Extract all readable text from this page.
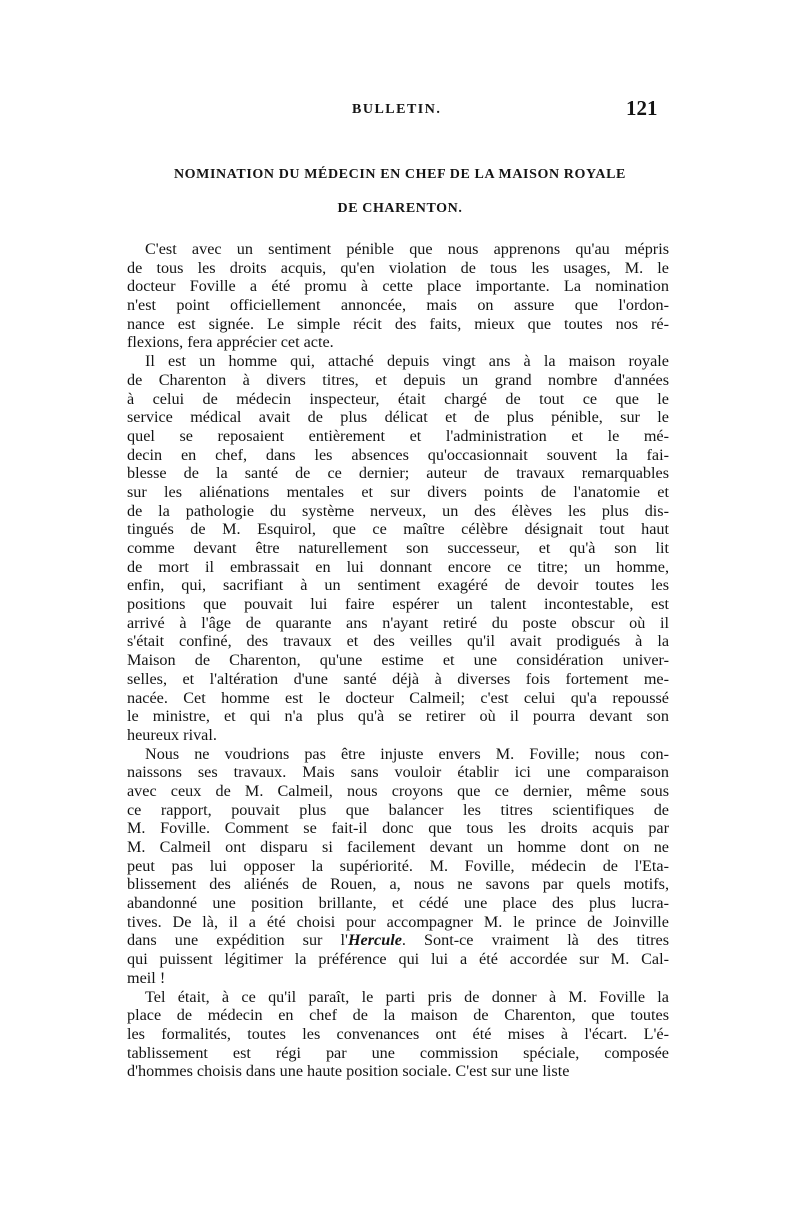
BULLETIN.	121
NOMINATION DU MÉDECIN EN CHEF DE LA MAISON ROYALE
DE CHARENTON.
C'est avec un sentiment pénible que nous apprenons qu'au mépris
de tous les droits acquis, qu'en violation de tous les usages, M. le
docteur Foville a été promu à cette place importante. La nomination
n'est point officiellement annoncée, mais on assure que l'ordon-
nance est signée. Le simple récit des faits, mieux que toutes nos ré-
flexions, fera apprécier cet acte.
Il est un homme qui, attaché depuis vingt ans à la maison royale
de Charenton à divers titres, et depuis un grand nombre d'années
à celui de médecin inspecteur, était chargé de tout ce que le
service médical avait de plus délicat et de plus pénible, sur le
quel se reposaient entièrement et l'administration et le mé-
decin en chef, dans les absences qu'occasionnait souvent la fai-
blesse de la santé de ce dernier; auteur de travaux remarquables
sur les aliénations mentales et sur divers points de l'anatomie et
de la pathologie du système nerveux, un des élèves les plus dis-
tingués de M. Esquirol, que ce maître célèbre désignait tout haut
comme devant être naturellement son successeur, et qu'à son lit
de mort il embrassait en lui donnant encore ce titre; un homme,
enfin, qui, sacrifiant à un sentiment exagéré de devoir toutes les
positions que pouvait lui faire espérer un talent incontestable, est
arrivé à l'âge de quarante ans n'ayant retiré du poste obscur où il
s'était confiné, des travaux et des veilles qu'il avait prodigués à la
Maison de Charenton, qu'une estime et une considération univer-
selles, et l'altération d'une santé déjà à diverses fois fortement me-
nacée. Cet homme est le docteur Calmeil; c'est celui qu'a repoussé
le ministre, et qui n'a plus qu'à se retirer où il pourra devant son
heureux rival.
Nous ne voudrions pas être injuste envers M. Foville; nous con-
naissons ses travaux. Mais sans vouloir établir ici une comparaison
avec ceux de M. Calmeil, nous croyons que ce dernier, même sous
ce rapport, pouvait plus que balancer les titres scientifiques de
M. Foville. Comment se fait-il donc que tous les droits acquis par
M. Calmeil ont disparu si facilement devant un homme dont on ne
peut pas lui opposer la supériorité. M. Foville, médecin de l'Eta-
blissement des aliénés de Rouen, a, nous ne savons par quels motifs,
abandonné une position brillante, et cédé une place des plus lucra-
tives. De là, il a été choisi pour accompagner M. le prince de Joinville
dans une expédition sur l'Hercule. Sont-ce vraiment là des titres
qui puissent légitimer la préférence qui lui a été accordée sur M. Cal-
meil !
Tel était, à ce qu'il paraît, le parti pris de donner à M. Foville la
place de médecin en chef de la maison de Charenton, que toutes
les formalités, toutes les convenances ont été mises à l'écart. L'é-
tablissement est régi par une commission spéciale, composée
d'hommes choisis dans une haute position sociale. C'est sur une liste
